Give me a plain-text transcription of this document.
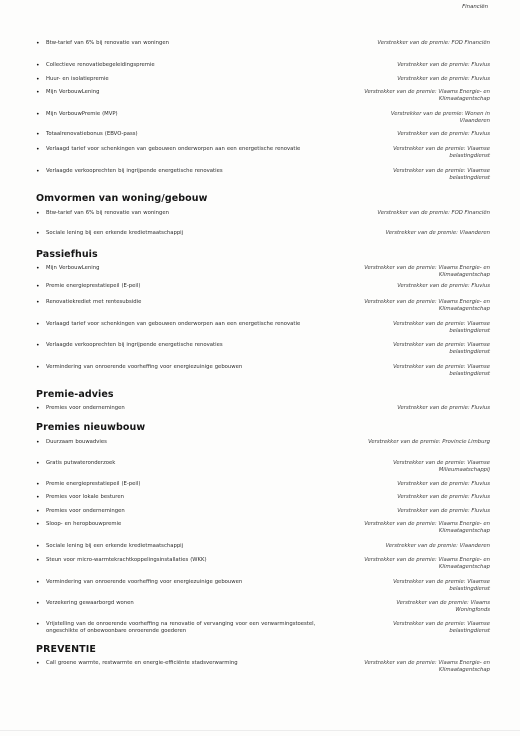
Financiën
•	Btw-tarief van 6% bij renovatie van woningen	Verstrekker van de premie: FOD Financiën
•	Collectieve renovatiebegeleidingspremie	Verstrekker van de premie: Fluvius
•	Huur- en isolatiepremie	Verstrekker van de premie: Fluvius
•	Mijn VerbouwLening	Verstrekker van de premie: Vlaams Energie- en Klimaatagentschap
•	Mijn VerbouwPremie (MVP)	Verstrekker van de premie: Wonen in Vlaanderen
•	Totaalrenovatiebonus (EBVO-pass)	Verstrekker van de premie: Fluvius
•	Verlaagd tarief voor schenkingen van gebouwen onderworpen aan een energetische renovatie	Verstrekker van de premie: Vlaamse belastingdienst
•	Verlaagde verkooprechten bij ingrijpende energetische renovaties	Verstrekker van de premie: Vlaamse belastingdienst
Omvormen van woning/gebouw
•	Btw-tarief van 6% bij renovatie van woningen	Verstrekker van de premie: FOD Financiën
•	Sociale lening bij een erkende kredietmaatschappij	Verstrekker van de premie: Vlaanderen
Passiefhuis
•	Mijn VerbouwLening	Verstrekker van de premie: Vlaams Energie- en Klimaatagentschap
•	Premie energieprestatiepeil (E-peil)	Verstrekker van de premie: Fluvius
•	Renovatiekrediet met rentesubsidie	Verstrekker van de premie: Vlaams Energie- en Klimaatagentschap
•	Verlaagd tarief voor schenkingen van gebouwen onderworpen aan een energetische renovatie	Verstrekker van de premie: Vlaamse belastingdienst
•	Verlaagde verkooprechten bij ingrijpende energetische renovaties	Verstrekker van de premie: Vlaamse belastingdienst
•	Vermindering van onroerende voorheffing voor energiezuinige gebouwen	Verstrekker van de premie: Vlaamse belastingdienst
Premie-advies
•	Premies voor ondernemingen	Verstrekker van de premie: Fluvius
Premies nieuwbouw
•	Duurzaam bouwadvies	Verstrekker van de premie: Provincie Limburg
•	Gratis putwateronderzoek	Verstrekker van de premie: Vlaamse Milieumaatschappij
•	Premie energieprestatiepeil (E-peil)	Verstrekker van de premie: Fluvius
•	Premies voor lokale besturen	Verstrekker van de premie: Fluvius
•	Premies voor ondernemingen	Verstrekker van de premie: Fluvius
•	Sloop- en heropbouwpremie	Verstrekker van de premie: Vlaams Energie- en Klimaatagentschap
•	Sociale lening bij een erkende kredietmaatschappij	Verstrekker van de premie: Vlaanderen
•	Steun voor micro-warmtekrachtkoppelingsinstallaties (WKK)	Verstrekker van de premie: Vlaams Energie- en Klimaatagentschap
•	Vermindering van onroerende voorheffing voor energiezuinige gebouwen	Verstrekker van de premie: Vlaamse belastingdienst
•	Verzekering gewaarborgd wonen	Verstrekker van de premie: Vlaams Woningfonds
•	Vrijstelling van de onroerende voorheffing na renovatie of vervanging voor een verwarmingstoestel, ongeschikte of onbewoonbare onroerende goederen
Verstrekker van de premie: Vlaamse belastingdienst
PREVENTIE
•	Call groene warmte, restwarmte en energie-efficiënte stadsverwarming	Verstrekker van de premie: Vlaams Energie- en Klimaatagentschap
